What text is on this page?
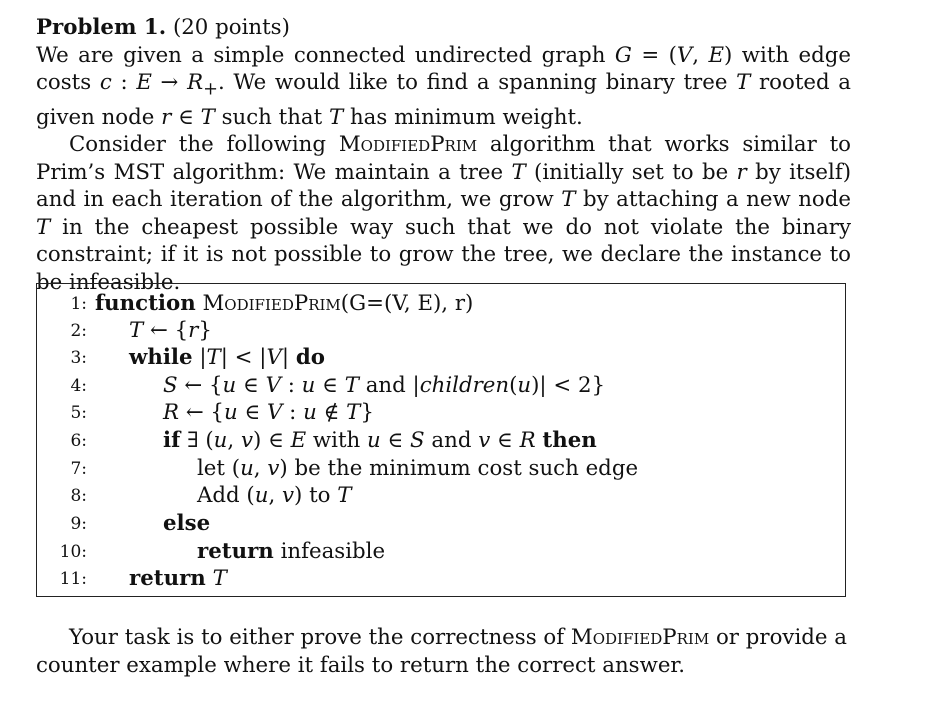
Problem 1. (20 points)
We are given a simple connected undirected graph G = (V, E) with edge costs c : $E \to R_+$. We would like to find a spanning binary tree T rooted a given node r ∈ T such that T has minimum weight.
Consider the following ModifiedPrim algorithm that works similar to Prim’s MST algorithm: We maintain a tree T (initially set to be r by itself) and in each iteration of the algorithm, we grow T by attaching a new node T in the cheapest possible way such that we do not violate the binary constraint; if it is not possible to grow the tree, we declare the instance to be infeasible.
1: function ModifiedPrim(G=(V, E), r)
2: T ← {r}
3: while |T| < |V| do
4:	S ← {u ∈ V : u ∈ T and |children(u)| < 2}
5:	R ← {u ∈ V : u ∉ T}
6:	if ∃ (u, v) ∈ E with u ∈ S and v ∈ R then
7:	let (u, v) be the minimum cost such edge
8:	Add (u, v) to T
9:	else
10:	return infeasible
11: return T
Your task is to either prove the correctness of ModifiedPrim or provide a counter example where it fails to return the correct answer.
